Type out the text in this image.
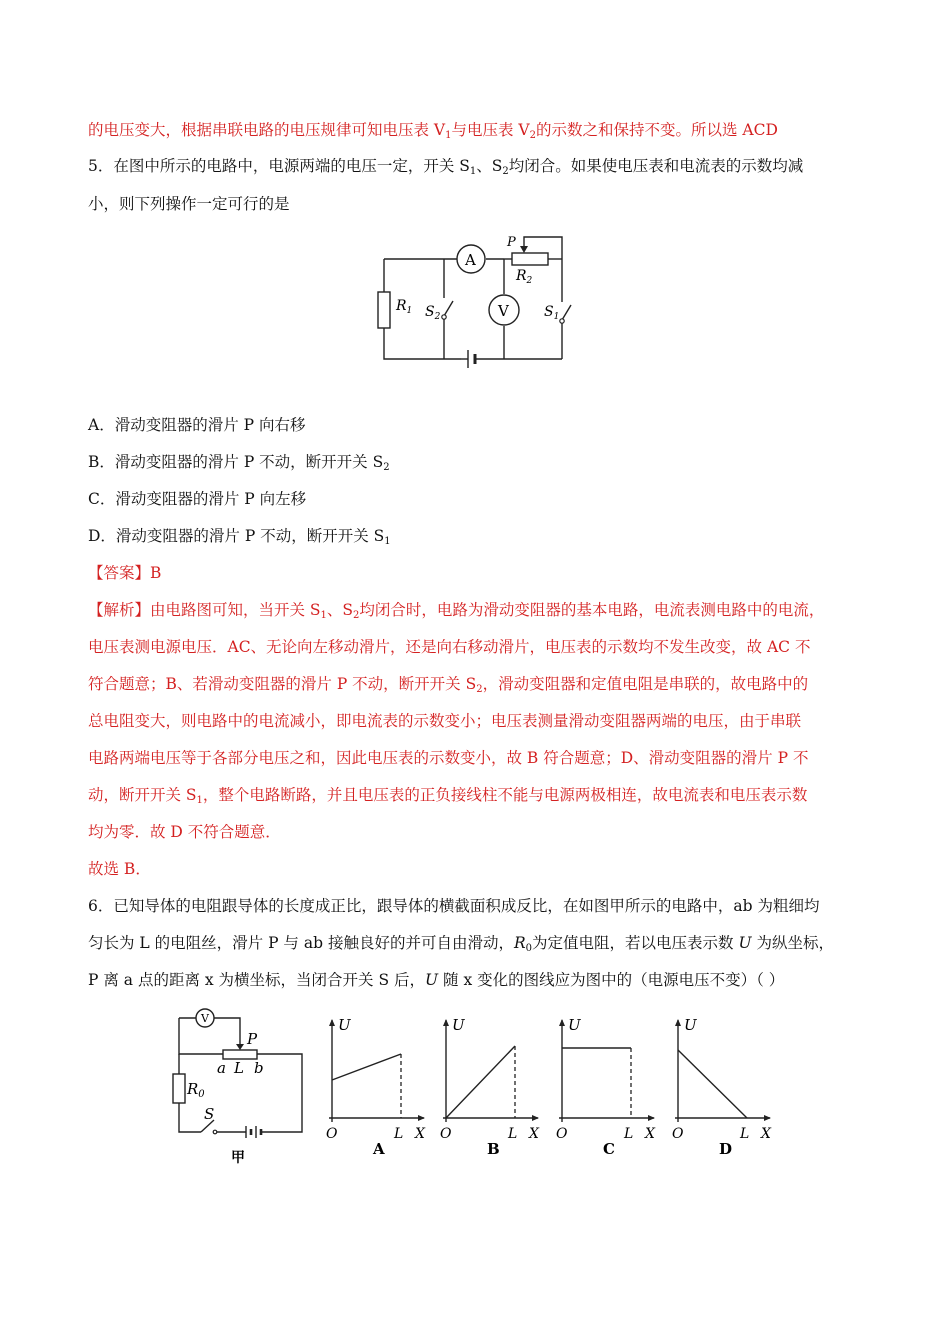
的电压变大，根据串联电路的电压规律可知电压表 $V_1$与电压表 $V_2$的示数之和保持不变。所以选 ACD
5．在图中所示的电路中，电源两端的电压一定，开关 $S_1$、$S_2$均闭合。如果使电压表和电流表的示数均减
小，则下列操作一定可行的是
A
V
P
$R_2$
$R_1$ $S_2$	$S_1$
A．滑动变阻器的滑片 P 向右移
B．滑动变阻器的滑片 P 不动，断开开关 $S_2$
C．滑动变阻器的滑片 P 向左移
D．滑动变阻器的滑片 P 不动，断开开关 $S_1$
【答案】B
【解析】由电路图可知，当开关 $S_1$、$S_2$均闭合时，电路为滑动变阻器的基本电路，电流表测电路中的电流，
电压表测电源电压．AC、无论向左移动滑片，还是向右移动滑片，电压表的示数均不发生改变，故 AC 不
符合题意；B、若滑动变阻器的滑片 P 不动，断开开关 $S_2$，滑动变阻器和定值电阻是串联的，故电路中的
总电阻变大，则电路中的电流减小，即电流表的示数变小；电压表测量滑动变阻器两端的电压，由于串联
电路两端电压等于各部分电压之和，因此电压表的示数变小，故 B 符合题意；D、滑动变阻器的滑片 P 不
动，断开开关 $S_1$，整个电路断路，并且电压表的正负接线柱不能与电源两极相连，故电流表和电压表示数
均为零．故 D 不符合题意．
故选 B．
6．已知导体的电阻跟导体的长度成正比，跟导体的横截面积成反比，在如图甲所示的电路中，ab 为粗细均
匀长为 L 的电阻丝，滑片 P 与 ab 接触良好的并可自由滑动，$R_0$为定值电阻，若以电压表示数 U 为纵坐标，
P 离 a 点的距离 x 为横坐标，当闭合开关 S 后，U 随 x 变化的图线应为图中的（电源电压不变）（ ）
V
P
a L b
$R_0$
S
甲
U
O	L X
A
U
O	L X
B
U
O	L X
C
U
O	L X
D
